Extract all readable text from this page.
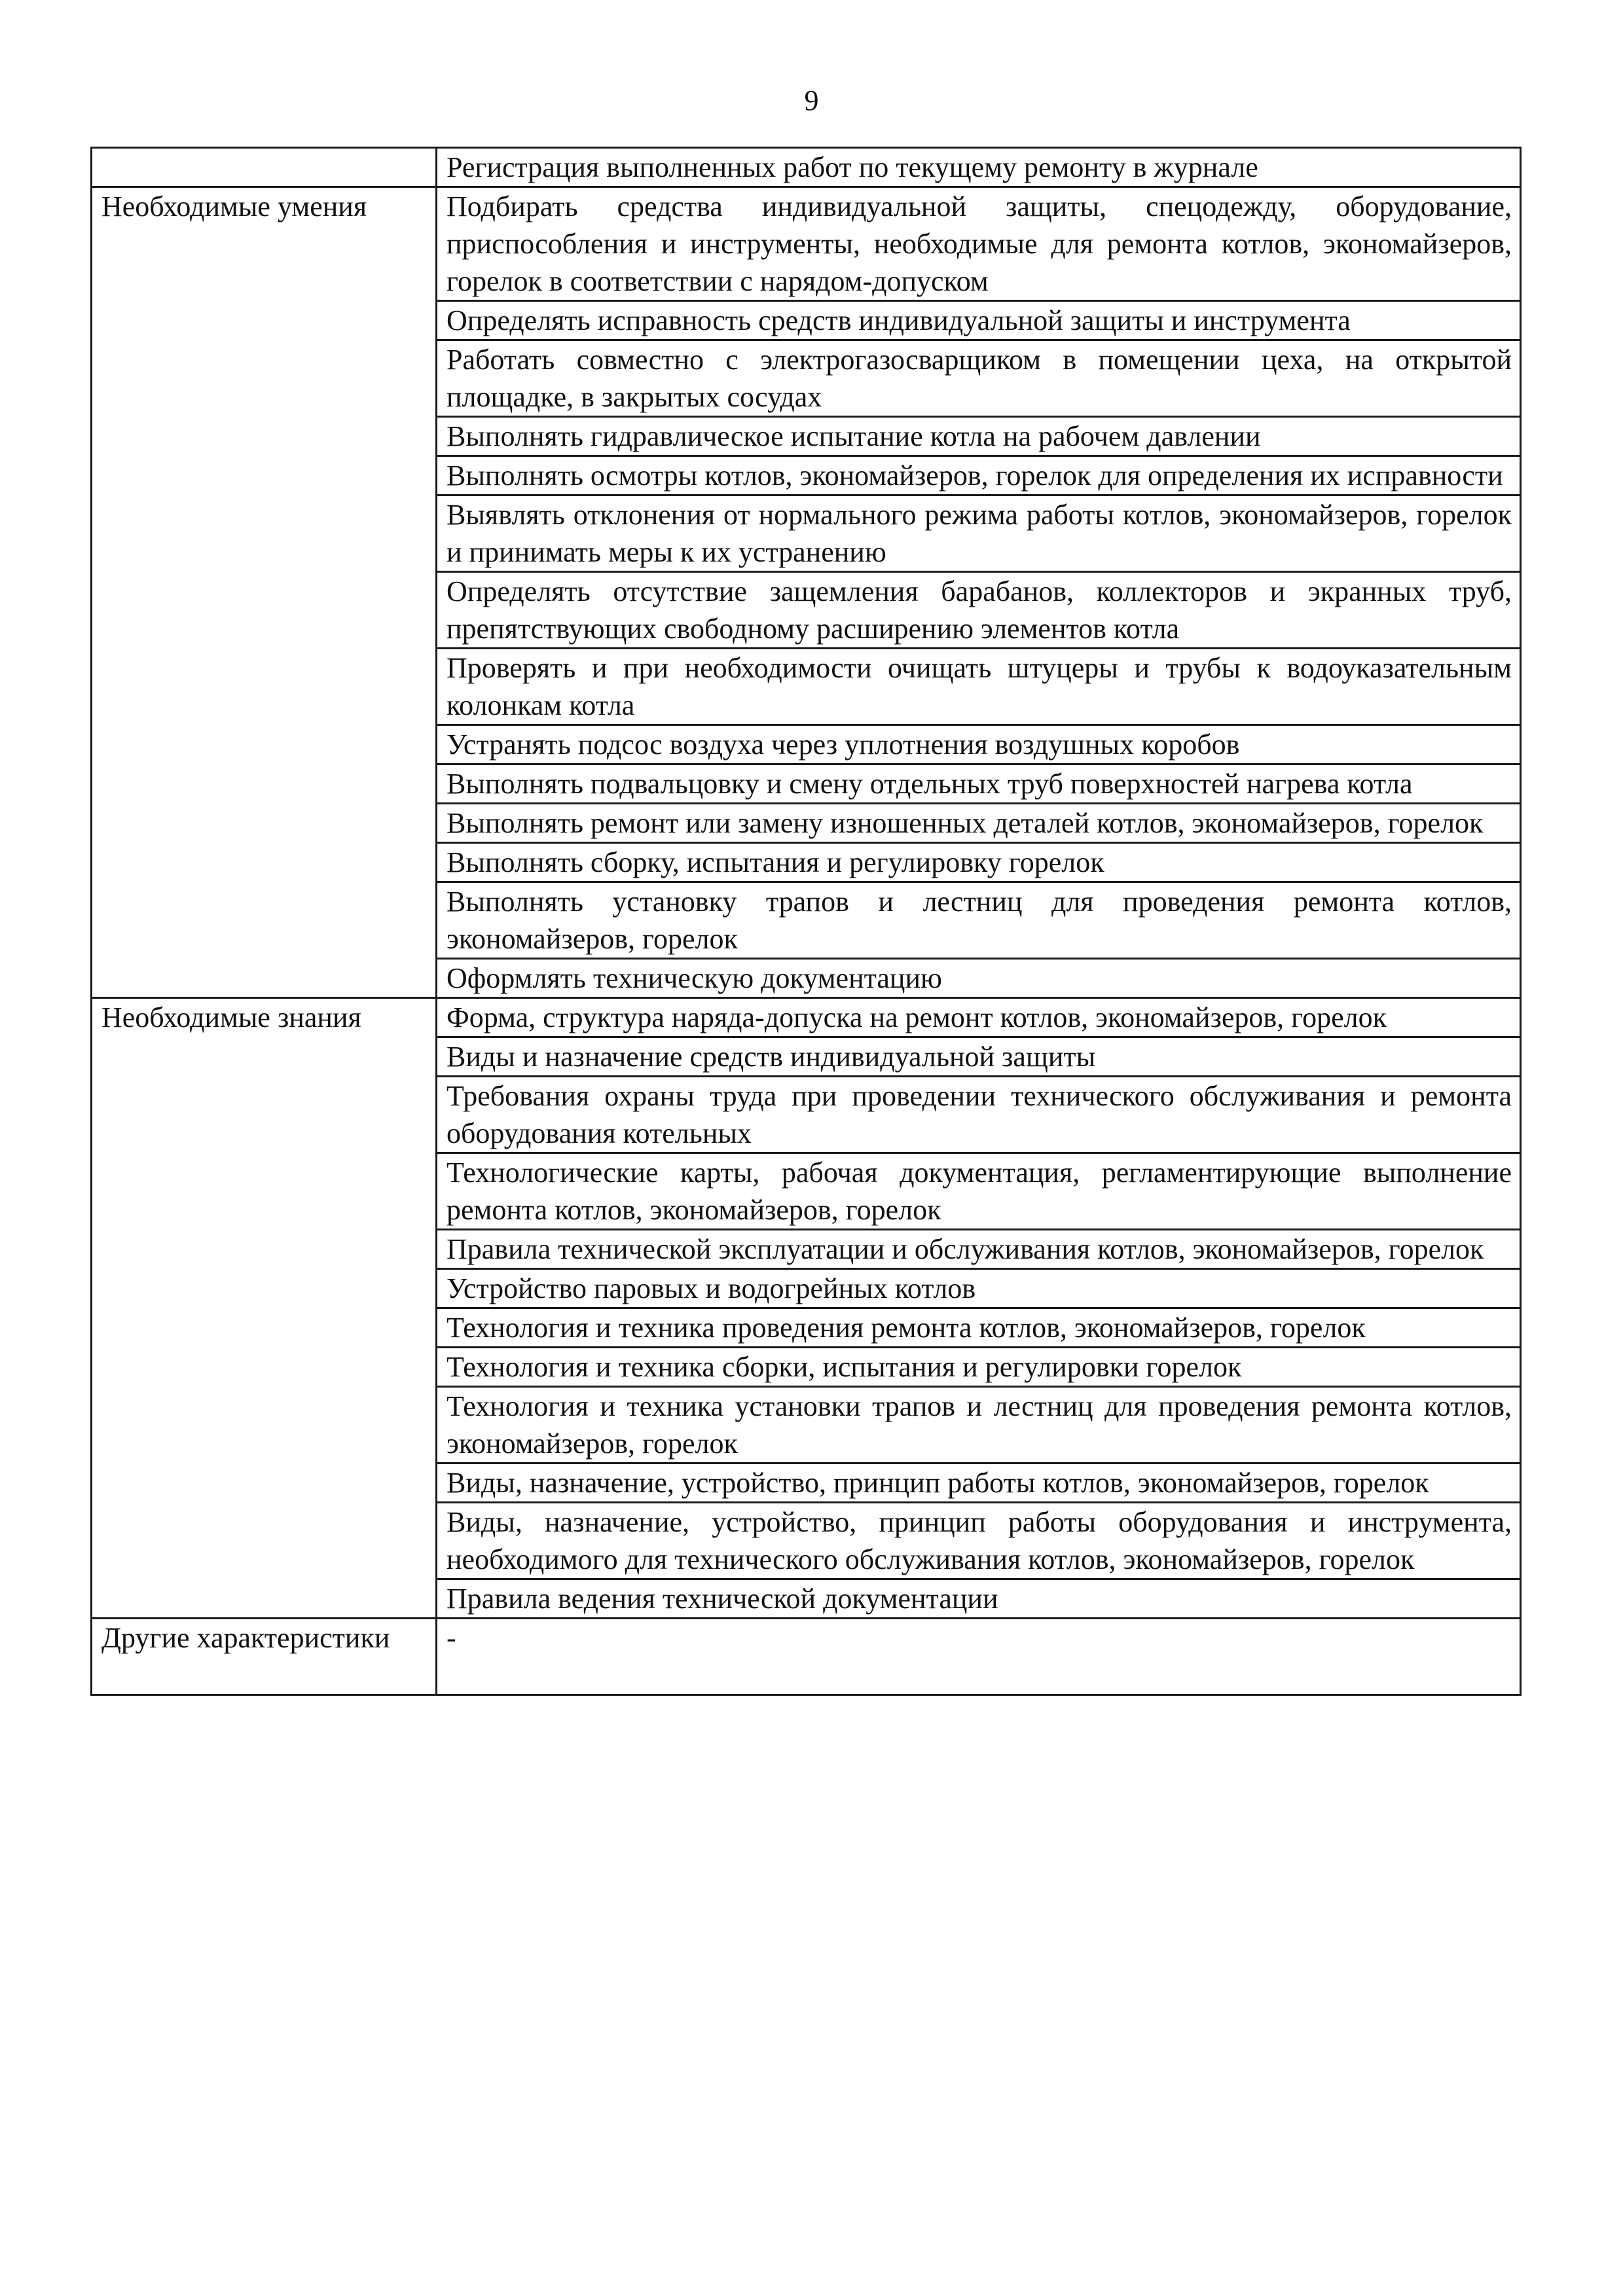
9
	Регистрация выполненных работ по текущему ремонту в журнале
Необходимые умения	Подбирать средства индивидуальной защиты, спецодежду, оборудование, приспособления и инструменты, необходимые для ремонта котлов, экономайзеров, горелок в соответствии с нарядом-допуском
	Определять исправность средств индивидуальной защиты и инструмента
	Работать совместно с электрогазосварщиком в помещении цеха, на открытой площадке, в закрытых сосудах
	Выполнять гидравлическое испытание котла на рабочем давлении
	Выполнять осмотры котлов, экономайзеров, горелок для определения их исправности
	Выявлять отклонения от нормального режима работы котлов, экономайзеров, горелок и принимать меры к их устранению
	Определять отсутствие защемления барабанов, коллекторов и экранных труб, препятствующих свободному расширению элементов котла
	Проверять и при необходимости очищать штуцеры и трубы к водоуказательным колонкам котла
	Устранять подсос воздуха через уплотнения воздушных коробов
	Выполнять подвальцовку и смену отдельных труб поверхностей нагрева котла
	Выполнять ремонт или замену изношенных деталей котлов, экономайзеров, горелок
	Выполнять сборку, испытания и регулировку горелок
	Выполнять установку трапов и лестниц для проведения ремонта котлов, экономайзеров, горелок
	Оформлять техническую документацию
Необходимые знания	Форма, структура наряда-допуска на ремонт котлов, экономайзеров, горелок
	Виды и назначение средств индивидуальной защиты
	Требования охраны труда при проведении технического обслуживания и ремонта оборудования котельных
	Технологические карты, рабочая документация, регламентирующие выполнение ремонта котлов, экономайзеров, горелок
	Правила технической эксплуатации и обслуживания котлов, экономайзеров, горелок
	Устройство паровых и водогрейных котлов
	Технология и техника проведения ремонта котлов, экономайзеров, горелок
	Технология и техника сборки, испытания и регулировки горелок
	Технология и техника установки трапов и лестниц для проведения ремонта котлов, экономайзеров, горелок
	Виды, назначение, устройство, принцип работы котлов, экономайзеров, горелок
	Виды, назначение, устройство, принцип работы оборудования и инструмента, необходимого для технического обслуживания котлов, экономайзеров, горелок
	Правила ведения технической документации
Другие характеристики	-
